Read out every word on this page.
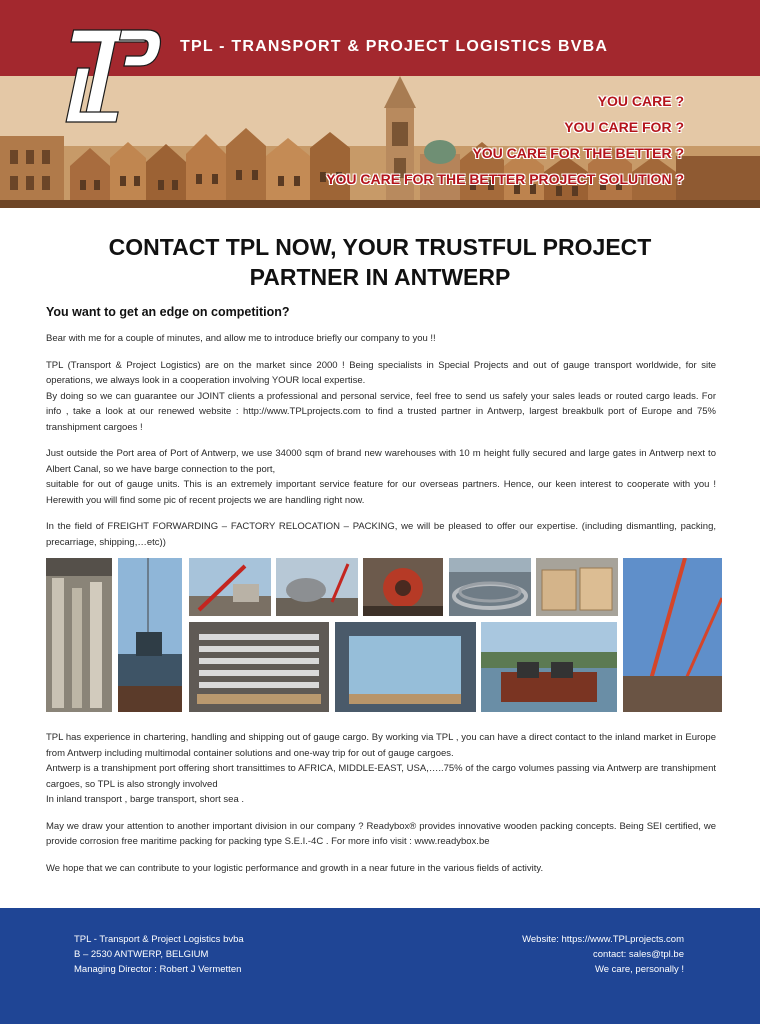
TPL - TRANSPORT & PROJECT LOGISTICS BVBA
YOU CARE ?
YOU CARE FOR ?
YOU CARE FOR THE BETTER ?
YOU CARE FOR THE BETTER PROJECT SOLUTION ?
CONTACT TPL NOW, YOUR TRUSTFUL PROJECT
PARTNER IN ANTWERP
You want to get an edge on competition?

Bear with me for a couple of minutes, and allow me to introduce briefly our company to you !!

TPL (Transport & Project Logistics) are on the market since 2000 ! Being specialists in Special Projects and out of gauge transport worldwide, for site operations, we always look in a cooperation involving YOUR local expertise.
By doing so we can guarantee our JOINT clients a professional and personal service, feel free to send us safely your sales leads or routed cargo leads. For info , take a look at our renewed website : http://www.TPLprojects.com to find a trusted partner in Antwerp, largest breakbulk port of Europe and 75% transhipment cargoes !
Just outside the Port area of Port of Antwerp, we use 34000 sqm of brand new warehouses with 10 m height fully secured and large gates in Antwerp next to Albert Canal, so we have barge connection to the port,
suitable for out of gauge units. This is an extremely important service feature for our overseas partners. Hence, our keen interest to cooperate with you ! Herewith you will find some pic of recent projects we are handling right now.

In the field of FREIGHT FORWARDING – FACTORY RELOCATION – PACKING, we will be pleased to offer our expertise. (including dismantling, packing, precarriage, shipping,…etc))

TPL has experience in chartering, handling and shipping out of gauge cargo. By working via TPL , you can have a direct contact to the inland market in Europe from Antwerp including multimodal container solutions and one-way trip for out of gauge cargoes.
Antwerp is a transhipment port offering short transittimes to AFRICA, MIDDLE-EAST, USA,…..75% of the cargo volumes passing via Antwerp are transhipment cargoes, so TPL is also strongly involved
In inland transport , barge transport, short sea .

May we draw your attention to another important division in our company ? Readybox® provides innovative wooden packing concepts. Being SEI certified, we provide corrosion free maritime packing for packing type S.E.I.-4C . For more info visit : www.readybox.be

We hope that we can contribute to your logistic performance and growth in a near future in the various fields of activity.

TPL - Transport & Project Logistics bvba
B – 2530 ANTWERP, BELGIUM
Managing Director : Robert J Vermetten
Website: https://www.TPLprojects.com
contact: sales@tpl.be
We care, personally !
